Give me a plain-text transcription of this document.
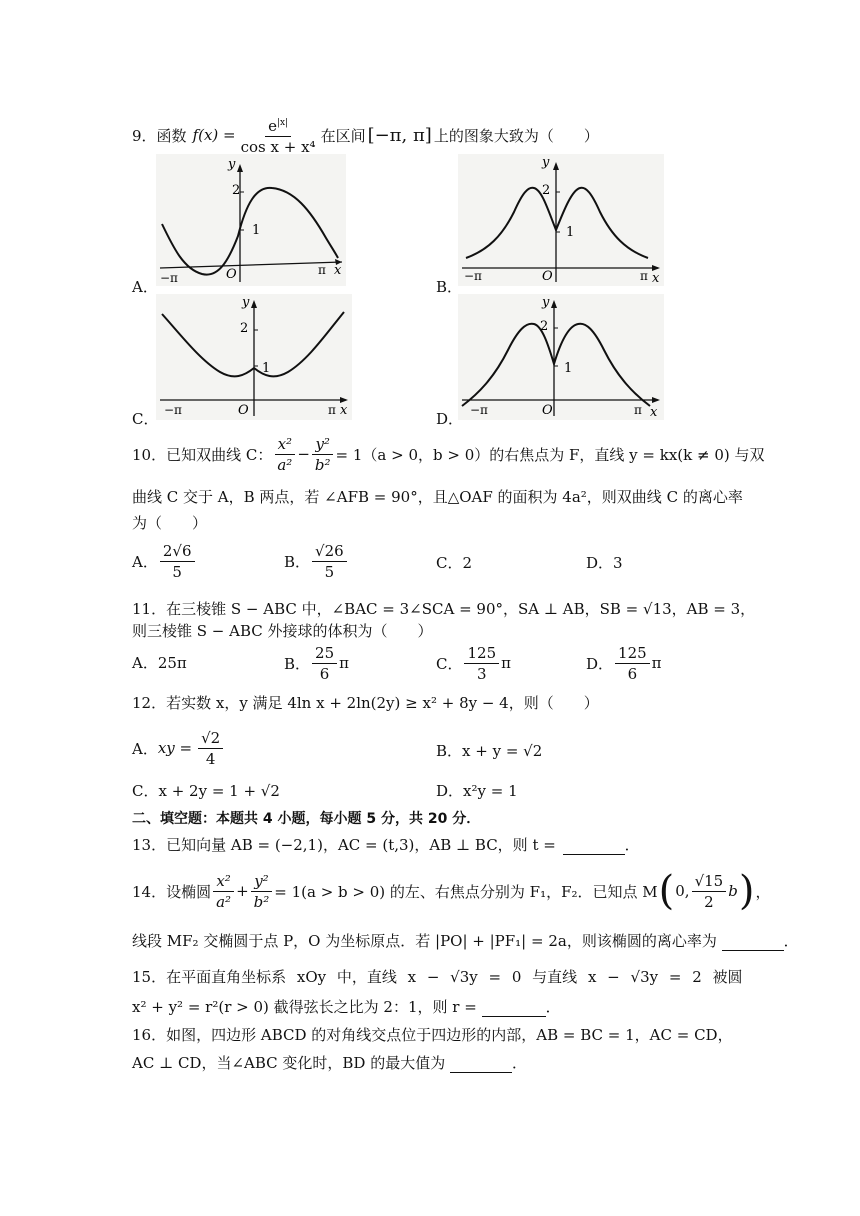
9． 函数 $f(x) = \frac{e^{|x|}}{\text{cos x + x⁴}}$ 在区间 [−π, π] 上的图象大致为（　　）
A．
2
1
O
−π
π x
y
B．
2
1
O
−π	π x
y
C．
2
1
O
−π	π x
y
D．
2
1
O
−π	π x
y
10． 已知双曲线 C： $\frac{\text{x²}}{\text{a²}} - \frac{\text{y²}}{\text{b²}} = 1(a > 0$，b > 0）的右焦点为 F，直线 y = kx(k ≠ 0) 与双
曲线 C 交于 A，B 两点，若 ∠AFB = 90°，且△OAF 的面积为 4a²，则双曲线 C 的离心率
为（　　）
A． $\frac{2√6}{5}$	B． $\frac{√26}{5}$	C．2	D．3
11．在三棱锥 S − ABC 中，∠BAC = 3∠SCA = 90°，SA ⊥ AB，SB = √13，AB = 3，
则三棱锥 S − ABC 外接球的体积为（　　）
A．25π	B． $\frac{25}{6}$ π	C． $\frac{125}{3}$ π	D． $\frac{125}{6}$ π
12．若实数 x，y 满足 4ln x + 2ln(2y) ≥ x² + 8y − 4，则（　　）
A． xy = $\frac{√2}{4}$	B．x + y = √2
C．x + 2y = 1 + √2	D．x²y = 1
二、填空题：本题共 4 小题，每小题 5 分，共 20 分．
13．已知向量 AB = (−2,1)，AC = (t,3)，AB ⊥ BC，则 t =	．
14．设椭圆 $\frac{\text{x²}}{\text{a²}} + \frac{\text{y²}}{\text{b²}} = 1(a > b > 0)$ 的左、右焦点分别为 F₁，F₂．已知点 M ( 0, $\frac{√15}{2}$ b ) ，
线段 MF₂ 交椭圆于点 P，O 为坐标原点．若 |PO| + |PF₁| = 2a，则该椭圆的离心率为	．
15．在平面直角坐标系 xOy 中，直线 x − √3y = 0 与直线 x − √3y = 2 被圆
x² + y² = r²(r > 0) 截得弦长之比为 2：1，则 r =	．
16．如图，四边形 ABCD 的对角线交点位于四边形的内部，AB = BC = 1，AC = CD，
AC ⊥ CD，当∠ABC 变化时，BD 的最大值为	．
